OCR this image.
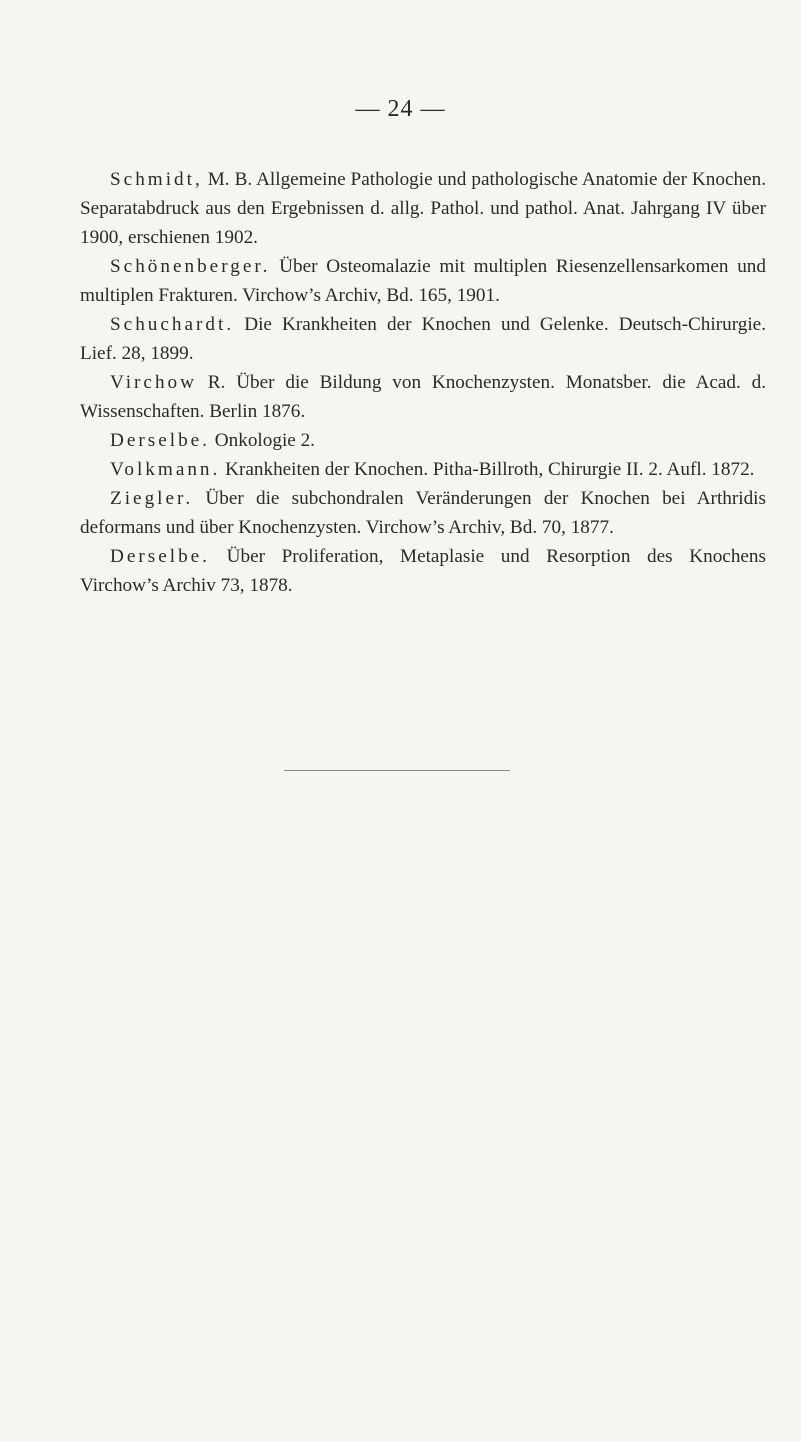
— 24 —

Schmidt, M. B. Allgemeine Pathologie und pathologische Anatomie der Knochen. Separatabdruck aus den Ergebnissen d. allg. Pathol. und pathol. Anat. Jahrgang IV über 1900, erschienen 1902.

Schönenberger. Über Osteomalazie mit multiplen Riesenzellensarkomen und multiplen Frakturen. Virchow’s Archiv, Bd. 165, 1901.

Schuchardt. Die Krankheiten der Knochen und Gelenke. Deutsch-Chirurgie. Lief. 28, 1899.

Virchow R. Über die Bildung von Knochenzysten. Monatsber. die Acad. d. Wissenschaften. Berlin 1876.

Derselbe. Onkologie 2.

Volkmann. Krankheiten der Knochen. Pitha-Billroth, Chirurgie II. 2. Aufl. 1872.

Ziegler. Über die subchondralen Veränderungen der Knochen bei Arthridis deformans und über Knochenzysten. Virchow’s Archiv, Bd. 70, 1877.

Derselbe. Über Proliferation, Metaplasie und Resorption des Knochens Virchow’s Archiv 73, 1878.
